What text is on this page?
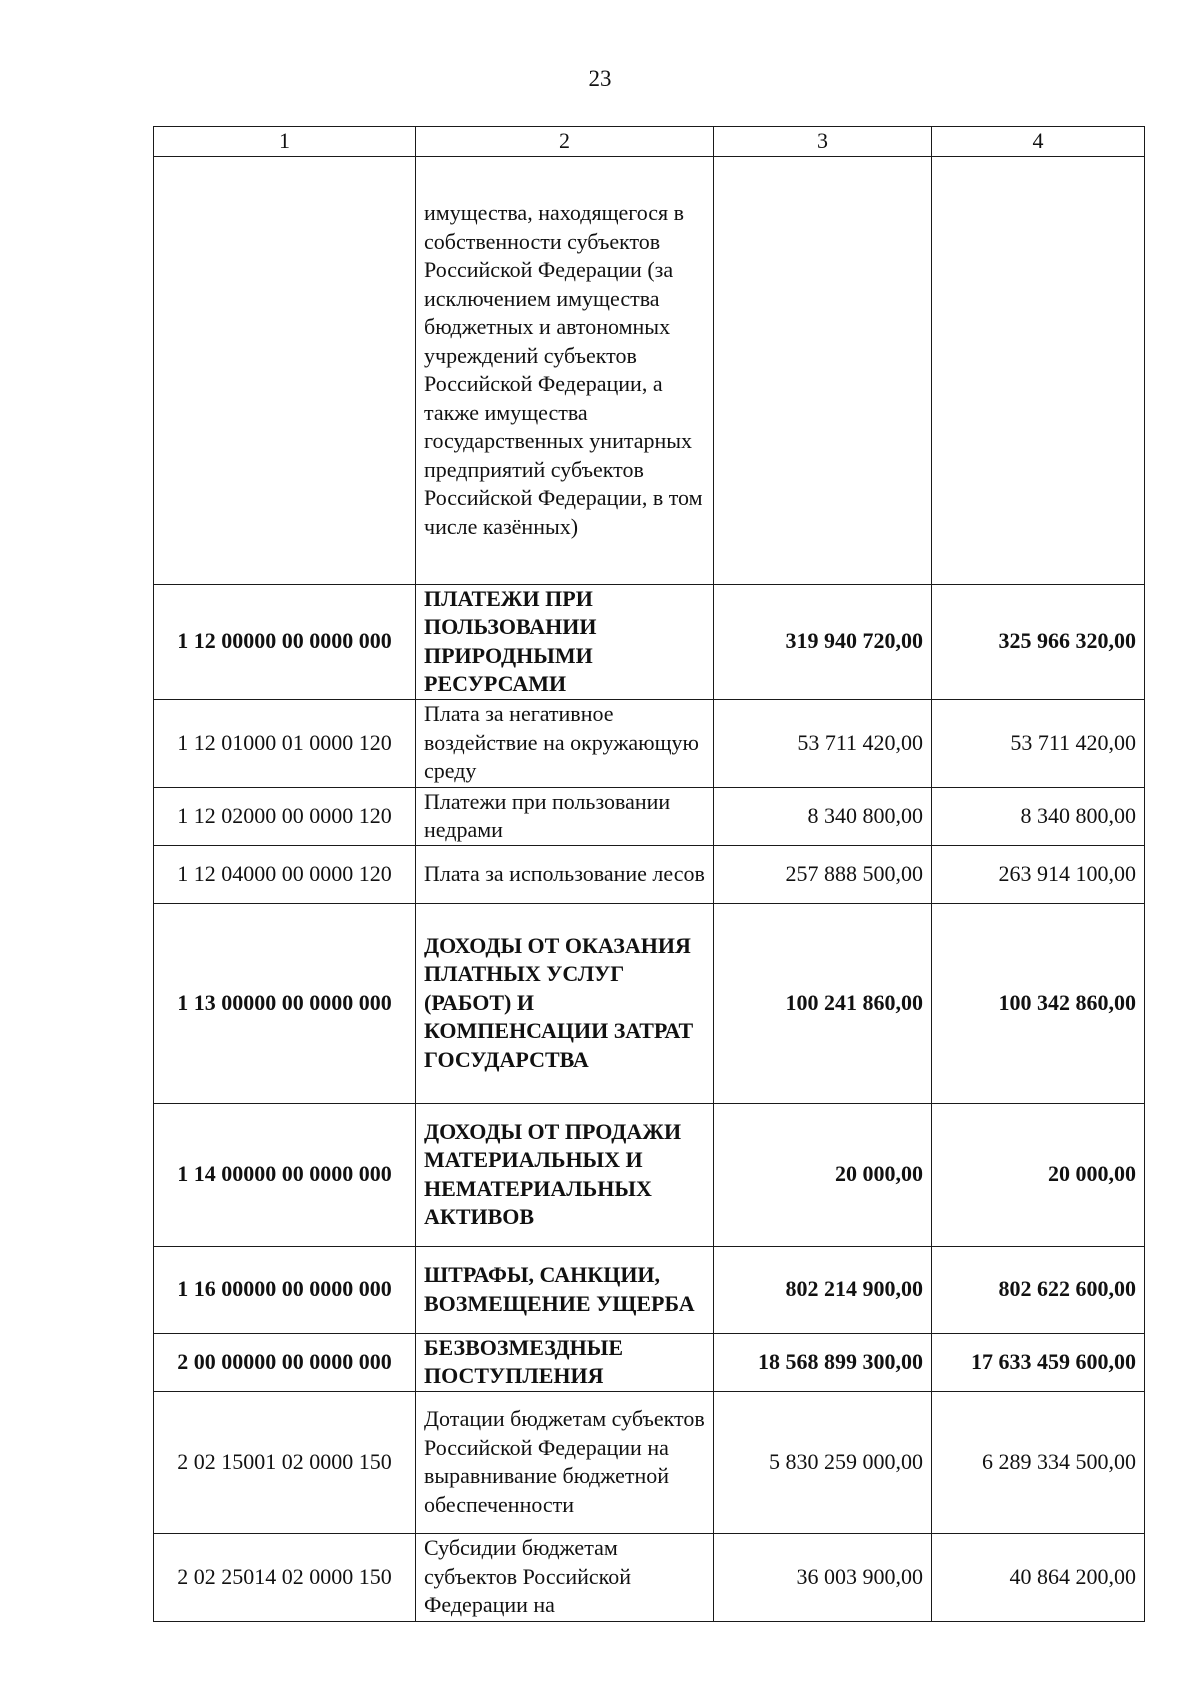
23
1	2	3	4
	имущества, находящегося в собственности субъектов Российской Федерации (за исключением имущества бюджетных и автономных учреждений субъектов Российской Федерации, а также имущества государственных унитарных предприятий субъектов Российской Федерации, в том числе казённых)		
1 12 00000 00 0000 000	ПЛАТЕЖИ ПРИ ПОЛЬЗОВАНИИ ПРИРОДНЫМИ РЕСУРСАМИ	319 940 720,00	325 966 320,00
1 12 01000 01 0000 120	Плата за негативное воздействие на окружающую среду	53 711 420,00	53 711 420,00
1 12 02000 00 0000 120	Платежи при пользовании недрами	8 340 800,00	8 340 800,00
1 12 04000 00 0000 120	Плата за использование лесов	257 888 500,00	263 914 100,00
1 13 00000 00 0000 000	ДОХОДЫ ОТ ОКАЗАНИЯ ПЛАТНЫХ УСЛУГ (РАБОТ) И КОМПЕНСАЦИИ ЗАТРАТ ГОСУДАРСТВА	100 241 860,00	100 342 860,00
1 14 00000 00 0000 000	ДОХОДЫ ОТ ПРОДАЖИ МАТЕРИАЛЬНЫХ И НЕМАТЕРИАЛЬНЫХ АКТИВОВ	20 000,00	20 000,00
1 16 00000 00 0000 000	ШТРАФЫ, САНКЦИИ, ВОЗМЕЩЕНИЕ УЩЕРБА	802 214 900,00	802 622 600,00
2 00 00000 00 0000 000	БЕЗВОЗМЕЗДНЫЕ ПОСТУПЛЕНИЯ	18 568 899 300,00	17 633 459 600,00
2 02 15001 02 0000 150	Дотации бюджетам субъектов Российской Федерации на выравнивание бюджетной обеспеченности	5 830 259 000,00	6 289 334 500,00
2 02 25014 02 0000 150	Субсидии бюджетам субъектов Российской Федерации на	36 003 900,00	40 864 200,00
